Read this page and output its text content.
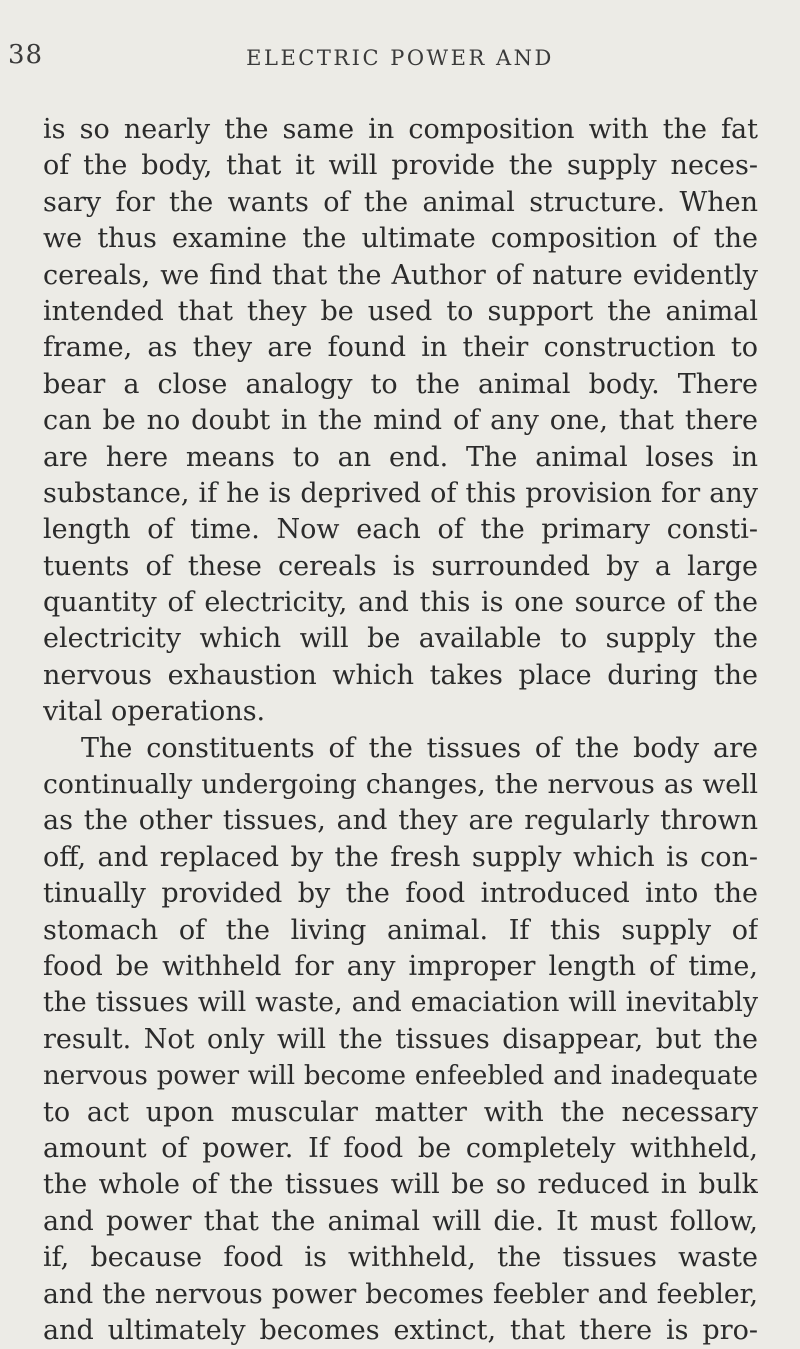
38	ELECTRIC POWER AND
is so nearly the same in composition with the fat
of the body, that it will provide the supply neces-
sary for the wants of the animal structure. When
we thus examine the ultimate composition of the
cereals, we find that the Author of nature evidently
intended that they be used to support the animal
frame, as they are found in their construction to
bear a close analogy to the animal body. There
can be no doubt in the mind of any one, that there
are here means to an end. The animal loses in
substance, if he is deprived of this provision for any
length of time. Now each of the primary consti-
tuents of these cereals is surrounded by a large
quantity of electricity, and this is one source of the
electricity which will be available to supply the
nervous exhaustion which takes place during the
vital operations.
The constituents of the tissues of the body are
continually undergoing changes, the nervous as well
as the other tissues, and they are regularly thrown
off, and replaced by the fresh supply which is con-
tinually provided by the food introduced into the
stomach of the living animal. If this supply of
food be withheld for any improper length of time,
the tissues will waste, and emaciation will inevitably
result. Not only will the tissues disappear, but the
nervous power will become enfeebled and inadequate
to act upon muscular matter with the necessary
amount of power. If food be completely withheld,
the whole of the tissues will be so reduced in bulk
and power that the animal will die. It must follow,
if, because food is withheld, the tissues waste
and the nervous power becomes feebler and feebler,
and ultimately becomes extinct, that there is pro-
